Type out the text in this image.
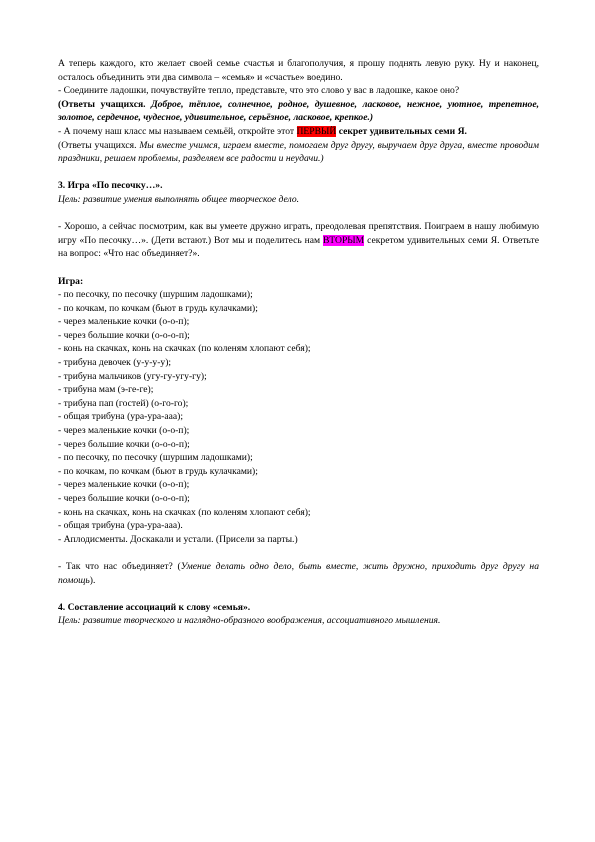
А теперь каждого, кто желает своей семье счастья и благополучия, я прошу поднять левую руку. Ну и наконец, осталось объединить эти два символа – «семья» и «счастье» воедино.

- Соедините ладошки, почувствуйте тепло, представьте, что это слово у вас в ладошке, какое оно?

(Ответы учащихся. Доброе, тёплое, солнечное, родное, душевное, ласковое, нежное, уютное, трепетное, золотое, сердечное, чудесное, удивительное, серьёзное, ласковое, крепкое.)

- А почему наш класс мы называем семьёй, откройте этот ПЕРВЫЙ секрет удивительных семи Я.

(Ответы учащихся. Мы вместе учимся, играем вместе, помогаем друг другу, выручаем друг друга, вместе проводим праздники, решаем проблемы, разделяем все радости и неудачи.)

3. Игра «По песочку…».

Цель: развитие умения выполнять общее творческое дело.

- Хорошо, а сейчас посмотрим, как вы умеете дружно играть, преодолевая препятствия. Поиграем в нашу любимую игру «По песочку…». (Дети встают.) Вот мы и поделитесь нам ВТОРЫМ секретом удивительных семи Я. Ответьте на вопрос: «Что нас объединяет?».

Игра:

- по песочку, по песочку (шуршим ладошками);

- по кочкам, по кочкам (бьют в грудь кулачками);

- через маленькие кочки (о-о-п);

- через большие кочки (о-о-о-п);

- конь на скачках, конь на скачках (по коленям хлопают себя);

- трибуна девочек (у-у-у-у);

- трибуна мальчиков (угу-гу-угу-гу);

- трибуна мам (э-ге-ге);

- трибуна пап (гостей) (о-го-го);

- общая трибуна (ура-ура-ааа);

- через маленькие кочки (о-о-п);

- через большие кочки (о-о-о-п);

- по песочку, по песочку (шуршим ладошками);

- по кочкам, по кочкам (бьют в грудь кулачками);

- через маленькие кочки (о-о-п);

- через большие кочки (о-о-о-п);

- конь на скачках, конь на скачках (по коленям хлопают себя);

- общая трибуна (ура-ура-ааа).

- Аплодисменты. Доскакали и устали. (Присели за парты.)

- Так что нас объединяет? (Умение делать одно дело, быть вместе, жить дружно, приходить друг другу на помощь).

4. Составление ассоциаций к слову «семья».

Цель: развитие творческого и наглядно-образного воображения, ассоциативного мышления.
